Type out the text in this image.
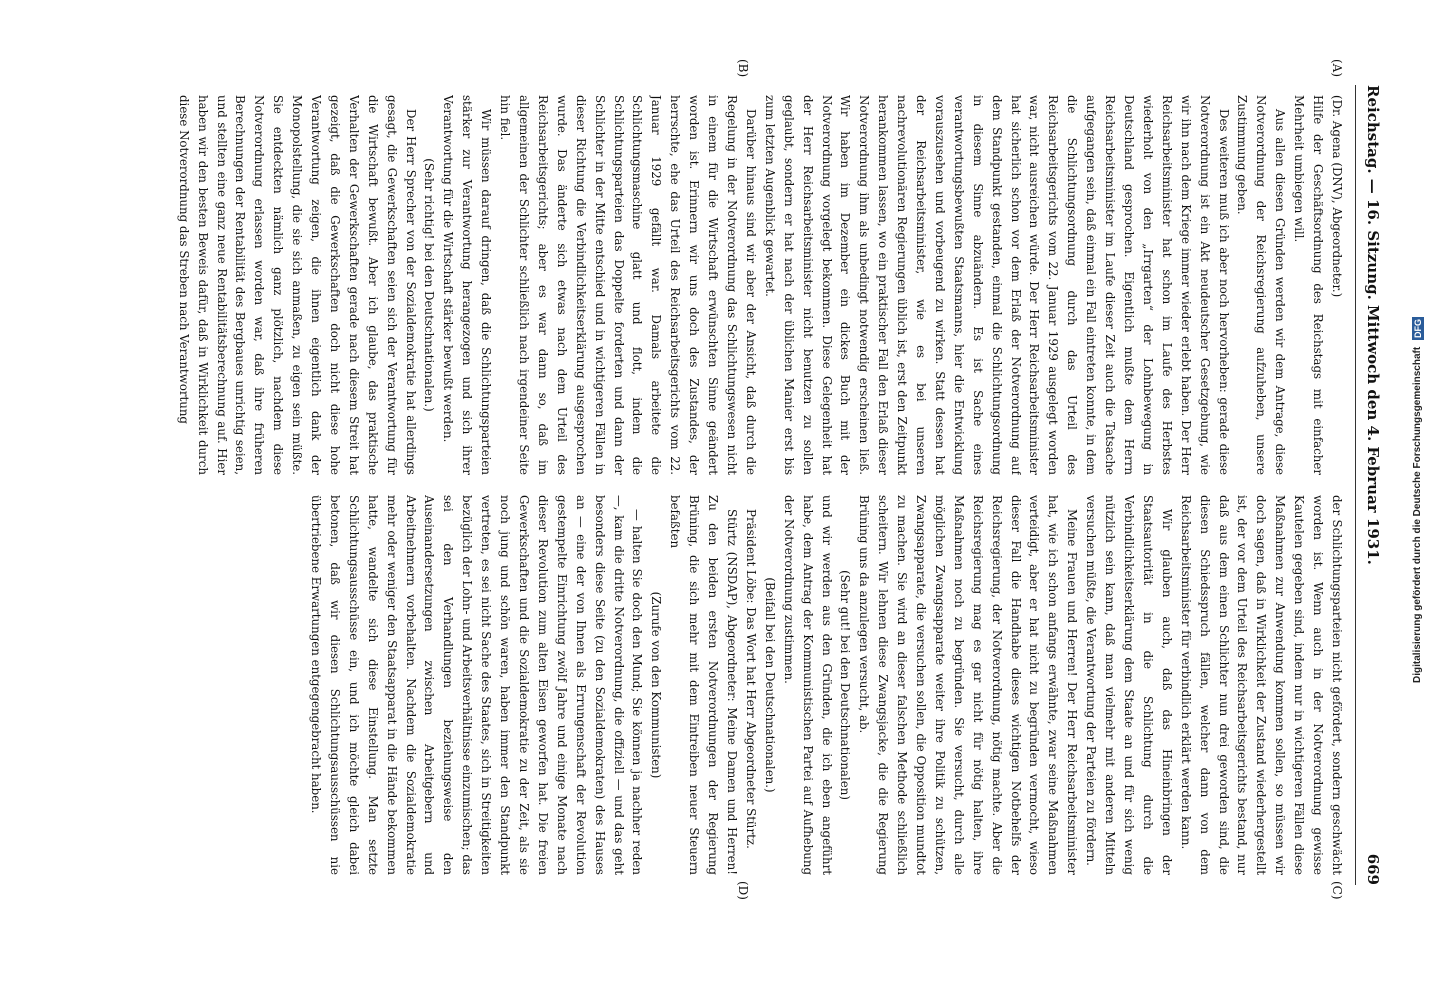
Reichstag. — 16. Sitzung. Mittwoch den 4. Februar 1931.
669

(Dr. Agena (DNV), Abgeordneter.)

Hilfe der Geschäftsordnung des Reichstags mit einfacher Mehrheit umbiegen will.

Aus allen diesen Gründen werden wir dem Antrage, diese Notverordnung der Reichsregierung aufzuheben, unsere Zustimmung geben.

Des weiteren muß ich aber noch hervorheben: gerade diese Notverordnung ist ein Akt neudeutscher Gesetzgebung, wie wir ihn nach dem Kriege immer wieder erlebt haben. Der Herr Reichsarbeitsminister hat schon im Laufe des Herbstes wiederholt von den „Irrgarten“ der Lohnbewegung in Deutschland gesprochen. Eigentlich mußte dem Herrn Reichsarbeitsminister im Laufe dieser Zeit auch die Tatsache aufgegangen sein, daß einmal ein Fall eintreten konnte, in dem die Schlichtungsordnung durch das Urteil des Reichsarbeitsgerichts vom 22. Januar 1929 ausgelegt worden war, nicht ausreichen würde. Der Herr Reichsarbeitsminister hat sicherlich schon vor dem Erlaß der Notverordnung auf dem Standpunkt gestanden, einmal die Schlichtungsordnung in diesem Sinne abzuändern. Es ist Sache eines verantwortungsbewußten Staatsmanns, hier die Entwicklung vorauszusehen und vorbeugend zu wirken. Statt dessen hat der Reichsarbeitsminister, wie es bei unseren nachrevolutionären Regierungen üblich ist, erst den Zeitpunkt herankommen lassen, wo ein praktischer Fall den Erlaß dieser Notverordnung ihm als unbedingt notwendig erscheinen ließ. Wir haben im Dezember ein dickes Buch mit der Notverordnung vorgelegt bekommen. Diese Gelegenheit hat der Herr Reichsarbeitsminister nicht benutzen zu sollen geglaubt, sondern er hat nach der üblichen Manier erst bis zum letzten Augenblick gewartet.

Darüber hinaus sind wir aber der Ansicht, daß durch die Regelung in der Notverordnung das Schlichtungswesen nicht in einem für die Wirtschaft erwünschten Sinne geändert worden ist. Erinnern wir uns doch des Zustandes, der herrschte, ehe das Urteil des Reichsarbeitsgerichts vom 22. Januar 1929 gefällt war. Damals arbeitete die Schlichtungsmaschine glatt und flott, indem die Schlichtungsparteien das Doppelte forderten und dann der Schlichter in der Mitte entschied und in wichtigeren Fällen in dieser Richtung die Verbindlichkeitserklärung ausgesprochen wurde. Das änderte sich etwas nach dem Urteil des Reichsarbeitsgerichts; aber es war dann so, daß im allgemeinen der Schlichter schließlich nach irgendeiner Seite hin fiel.

Wir müssen darauf dringen, daß die Schlichtungsparteien stärker zur Verantwortung herangezogen und sich ihrer Verantwortung für die Wirtschaft stärker bewußt werden.

(Sehr richtig! bei den Deutschnationalen.)

Der Herr Sprecher von der Sozialdemokratie hat allerdings gesagt, die Gewerkschaften seien sich der Verantwortung für die Wirtschaft bewußt. Aber ich glaube, das praktische Verhalten der Gewerkschaften gerade nach diesem Streit hat gezeigt, daß die Gewerkschaften doch nicht diese hohe Verantwortung zeigen, die ihnen eigentlich dank der Monopolstellung, die sie sich anmaßen, zu eigen sein müßte. Sie entdeckten nämlich ganz plötzlich, nachdem diese Notverordnung erlassen worden war, daß ihre früheren Berechnungen der Rentabilität des Bergbaues unrichtig seien, und stellten eine ganz neue Rentabilitätsberechnung auf. Hier haben wir den besten Beweis dafür, daß in Wirklichkeit durch diese Notverordnung das Streben nach Verantwortung

der Schlichtungsparteien nicht gefördert, sondern geschwächt worden ist. Wenn auch in der Notverordnung gewisse Kautelen gegeben sind, indem nur in wichtigeren Fällen diese Maßnahmen zur Anwendung kommen sollen, so müssen wir doch sagen, daß in Wirklichkeit der Zustand wiederhergestellt ist, der vor dem Urteil des Reichsarbeitsgerichts bestand, nur daß aus dem einen Schlichter nun drei geworden sind, die diesen Schiedsspruch fällen, welcher dann von dem Reichsarbeitsminister für verbindlich erklärt werden kann.

Wir glauben auch, daß das Hineinbringen der Staatsautorität in die Schlichtung durch die Verbindlichkeitserklärung dem Staate an und für sich wenig nützlich sein kann, daß man vielmehr mit anderen Mitteln versuchen müßte, die Verantwortung der Parteien zu fördern.

Meine Frauen und Herren! Der Herr Reichsarbeitsminister hat, wie ich schon anfangs erwähnte, zwar seine Maßnahmen verteidigt, aber er hat nicht zu begründen vermocht, wieso dieser Fall die Handhabe dieses wichtigen Notbehelfs der Reichsregierung, der Notverordnung, nötig machte. Aber die Reichsregierung mag es gar nicht für nötig halten, ihre Maßnahmen noch zu begründen. Sie versucht, durch alle möglichen Zwangsapparate weiter ihre Politik zu schützen, Zwangsapparate, die versuchen sollen, die Opposition mundtot zu machen. Sie wird an dieser falschen Methode schließlich scheitern. Wir lehnen diese Zwangsjacke, die die Regierung Brüning uns da anzulegen versucht, ab.

(Sehr gut! bei den Deutschnationalen)

und wir werden aus den Gründen, die ich eben angeführt habe, dem Antrag der Kommunistischen Partei auf Aufhebung der Notverordnung zustimmen.

(Beifall bei den Deutschnationalen.)

Präsident Löbe: Das Wort hat Herr Abgeordneter Stürtz.

Stürtz (NSDAP), Abgeordneter: Meine Damen und Herren! Zu den beiden ersten Notverordnungen der Regierung Brüning, die sich mehr mit dem Eintreiben neuer Steuern befaßten

(Zurufe von den Kommunisten)

— halten Sie doch den Mund; Sie können ja nachher reden —, kam die dritte Notverordnung, die offiziell — und das geht besonders diese Seite (zu den Sozialdemokraten) des Hauses an — eine der von Ihnen als Errungenschaft der Revolution gestempelte Einrichtung zwölf Jahre und einige Monate nach dieser Revolution zum alten Eisen geworfen hat. Die freien Gewerkschaften und die Sozialdemokratie zu der Zeit, als sie noch jung und schön waren, haben immer den Standpunkt vertreten, es sei nicht Sache des Staates, sich in Streitigkeiten bezüglich der Lohn- und Arbeitsverhältnisse einzumischen; das sei den Verhandlungen beziehungsweise den Auseinandersetzungen zwischen Arbeitgebern und Arbeitnehmern vorbehalten. Nachdem die Sozialdemokratie mehr oder weniger den Staatsapparat in die Hände bekommen hatte, wandelte sich diese Einstellung. Man setzte Schlichtungsausschüsse ein, und ich möchte gleich dabei betonen, daß wir diesen Schlichtungsausschüssen nie übertriebene Erwartungen entgegengebracht haben.

(A)
(B)
(C)
(D)
Digitalisierung gefördert durch die Deutsche Forschungsgemeinschaft DFG
